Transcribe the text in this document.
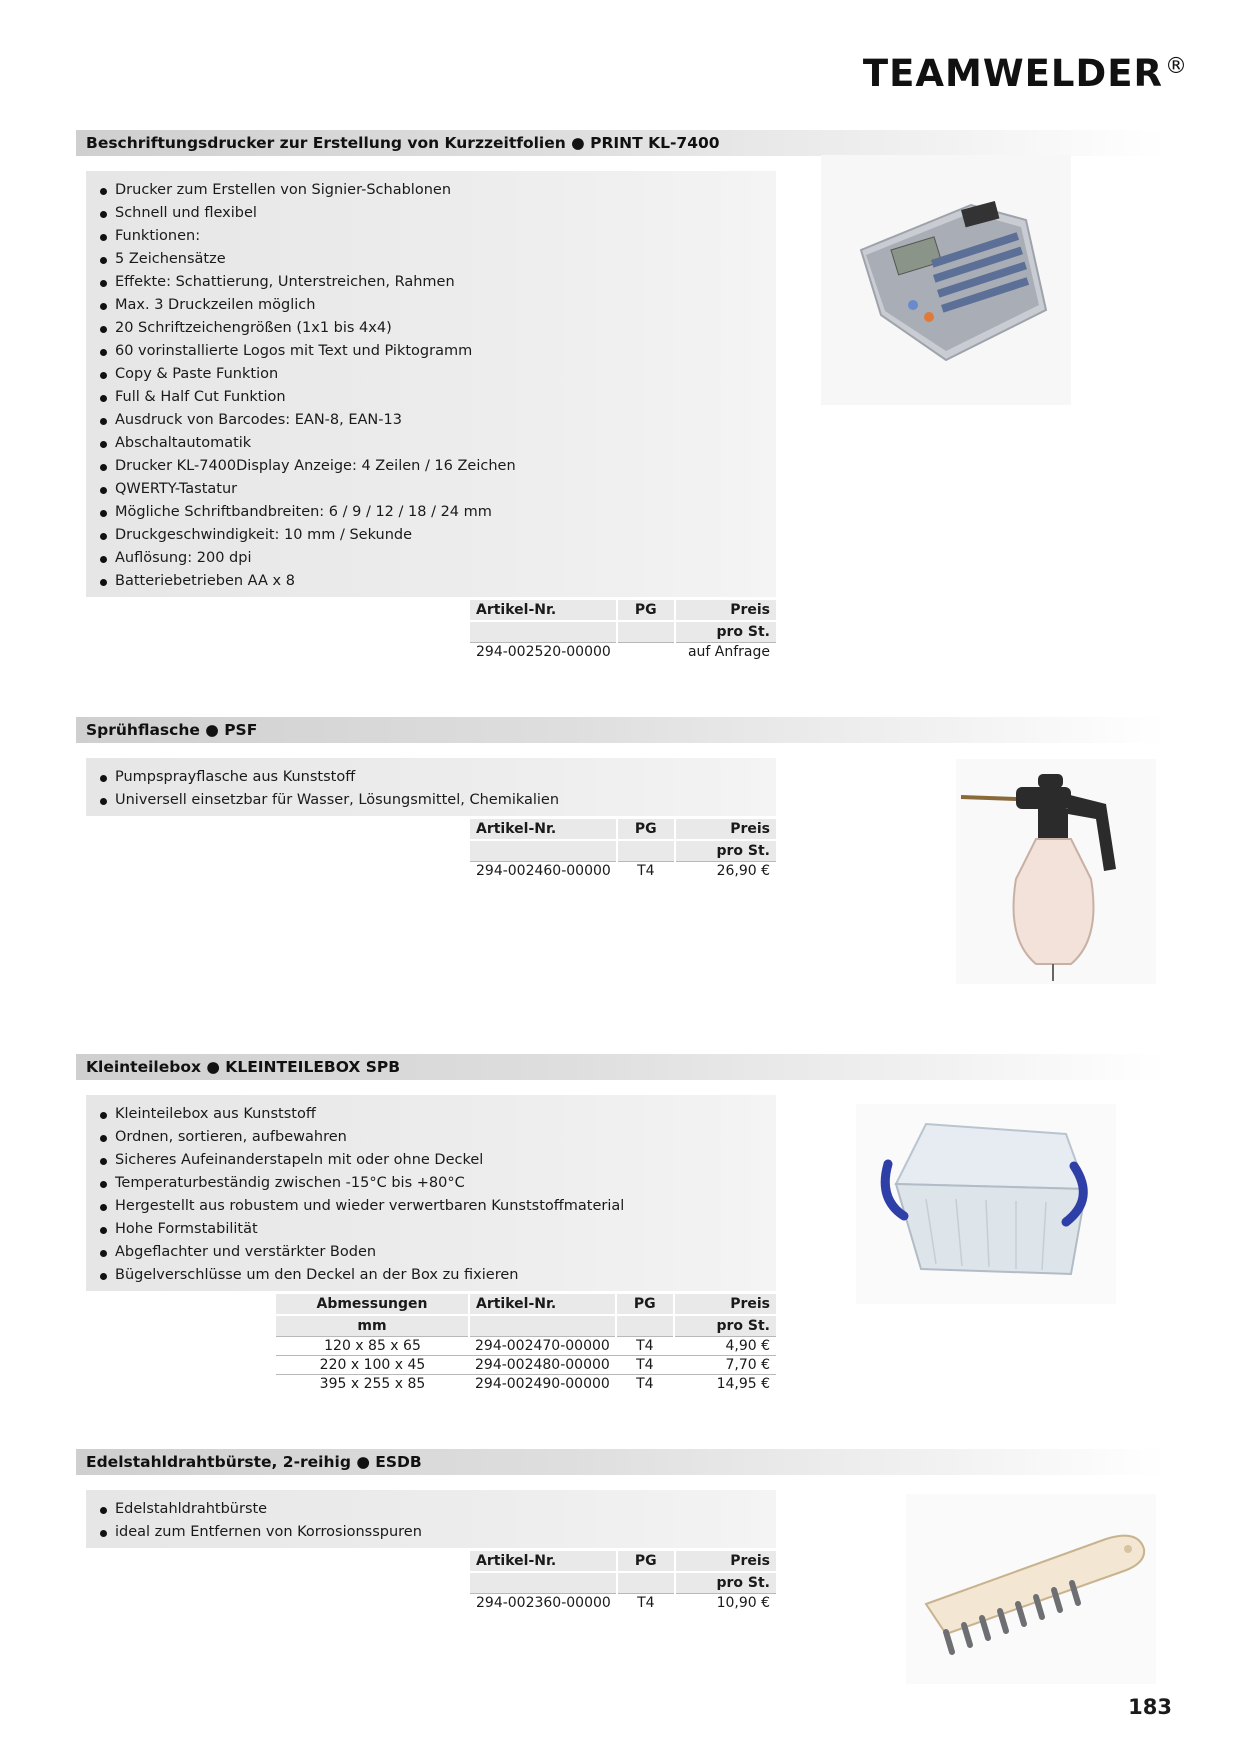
TEAMWELDER®
Beschriftungsdrucker zur Erstellung von Kurzzeitfolien ● PRINT KL-7400
Drucker zum Erstellen von Signier-Schablonen
Schnell und flexibel
Funktionen:
5 Zeichensätze
Effekte: Schattierung, Unterstreichen, Rahmen
Max. 3 Druckzeilen möglich
20 Schriftzeichengrößen (1x1 bis 4x4)
60 vorinstallierte Logos mit Text und Piktogramm
Copy & Paste Funktion
Full & Half Cut Funktion
Ausdruck von Barcodes: EAN-8, EAN-13
Abschaltautomatik
Drucker KL-7400Display Anzeige: 4 Zeilen / 16 Zeichen
QWERTY-Tastatur
Mögliche Schriftbandbreiten: 6 / 9 / 12 / 18 / 24 mm
Druckgeschwindigkeit: 10 mm / Sekunde
Auflösung: 200 dpi
Batteriebetrieben AA x 8
Artikel-Nr.	PG	Preis
		pro St.
294-002520-00000		auf Anfrage
Sprühflasche ● PSF
Pumpsprayflasche aus Kunststoff
Universell einsetzbar für Wasser, Lösungsmittel, Chemikalien
Artikel-Nr.	PG	Preis
		pro St.
294-002460-00000	T4	26,90 €
Kleinteilebox ● KLEINTEILEBOX SPB
Kleinteilebox aus Kunststoff
Ordnen, sortieren, aufbewahren
Sicheres Aufeinanderstapeln mit oder ohne Deckel
Temperaturbeständig zwischen -15°C bis +80°C
Hergestellt aus robustem und wieder verwertbaren Kunststoffmaterial
Hohe Formstabilität
Abgeflachter und verstärkter Boden
Bügelverschlüsse um den Deckel an der Box zu fixieren
Abmessungen	Artikel-Nr.	PG	Preis
mm			pro St.
120 x 85 x 65	294-002470-00000	T4	4,90 €
220 x 100 x 45	294-002480-00000	T4	7,70 €
395 x 255 x 85	294-002490-00000	T4	14,95 €
Edelstahldrahtbürste, 2-reihig ● ESDB
Edelstahldrahtbürste
ideal zum Entfernen von Korrosionsspuren
Artikel-Nr.	PG	Preis
		pro St.
294-002360-00000	T4	10,90 €
183
